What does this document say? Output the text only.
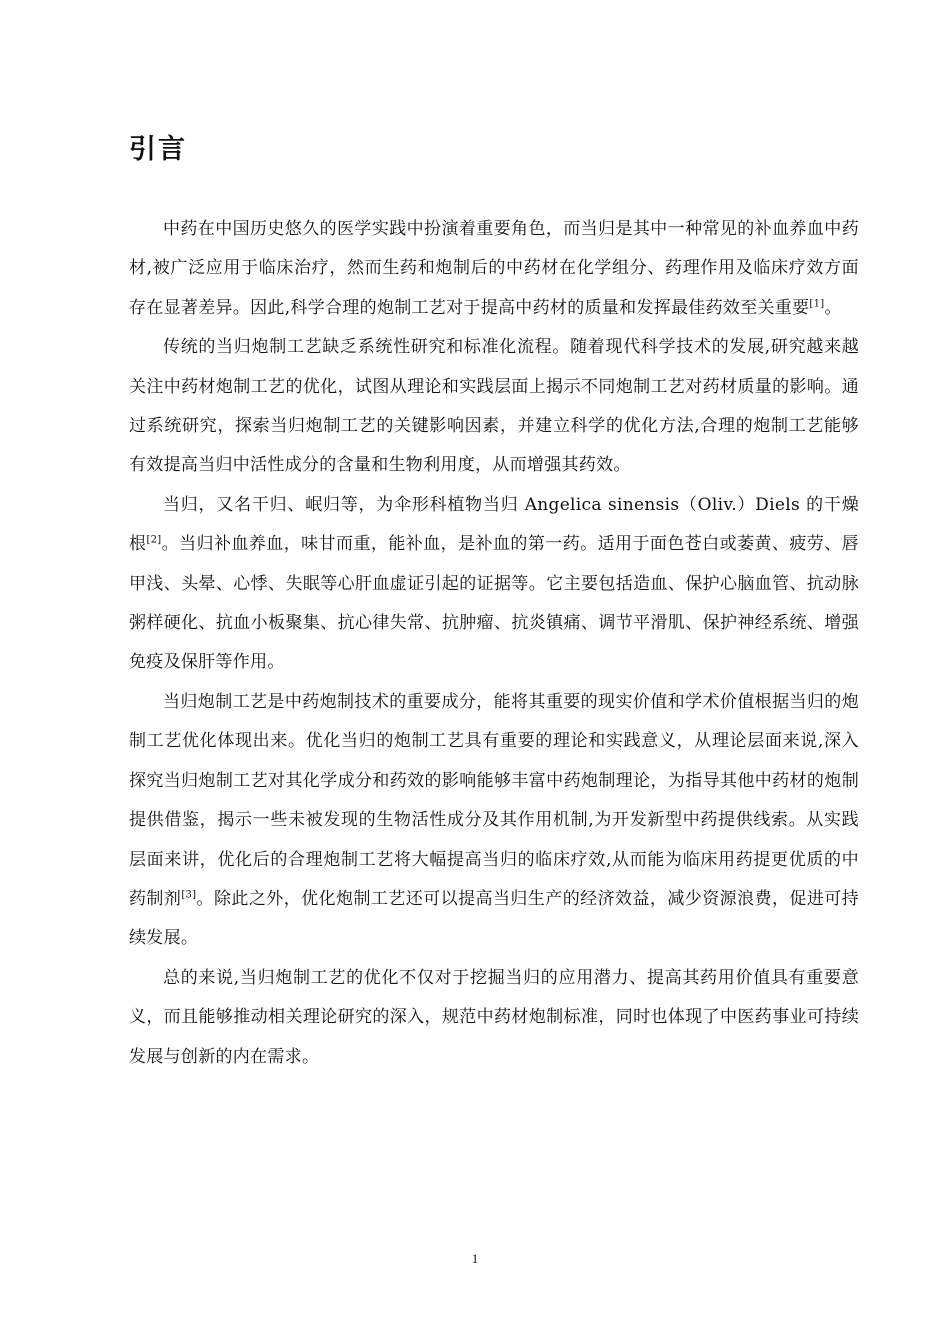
引言

中药在中国历史悠久的医学实践中扮演着重要角色，而当归是其中一种常见的补血养血中药材,被广泛应用于临床治疗，然而生药和炮制后的中药材在化学组分、药理作用及临床疗效方面存在显著差异。因此,科学合理的炮制工艺对于提高中药材的质量和发挥最佳药效至关重要[1]。

传统的当归炮制工艺缺乏系统性研究和标准化流程。随着现代科学技术的发展,研究越来越关注中药材炮制工艺的优化，试图从理论和实践层面上揭示不同炮制工艺对药材质量的影响。通过系统研究，探索当归炮制工艺的关键影响因素，并建立科学的优化方法,合理的炮制工艺能够有效提高当归中活性成分的含量和生物利用度，从而增强其药效。

当归，又名干归、岷归等，为伞形科植物当归 Angelica sinensis（Oliv.）Diels 的干燥根[2]。当归补血养血，味甘而重，能补血，是补血的第一药。适用于面色苍白或萎黄、疲劳、唇甲浅、头晕、心悸、失眠等心肝血虚证引起的证据等。它主要包括造血、保护心脑血管、抗动脉粥样硬化、抗血小板聚集、抗心律失常、抗肿瘤、抗炎镇痛、调节平滑肌、保护神经系统、增强免疫及保肝等作用。

当归炮制工艺是中药炮制技术的重要成分，能将其重要的现实价值和学术价值根据当归的炮制工艺优化体现出来。优化当归的炮制工艺具有重要的理论和实践意义，从理论层面来说,深入探究当归炮制工艺对其化学成分和药效的影响能够丰富中药炮制理论，为指导其他中药材的炮制提供借鉴，揭示一些未被发现的生物活性成分及其作用机制,为开发新型中药提供线索。从实践层面来讲，优化后的合理炮制工艺将大幅提高当归的临床疗效,从而能为临床用药提更优质的中药制剂[3]。除此之外，优化炮制工艺还可以提高当归生产的经济效益，减少资源浪费，促进可持续发展。

总的来说,当归炮制工艺的优化不仅对于挖掘当归的应用潜力、提高其药用价值具有重要意义，而且能够推动相关理论研究的深入，规范中药材炮制标准，同时也体现了中医药事业可持续发展与创新的内在需求。

1
